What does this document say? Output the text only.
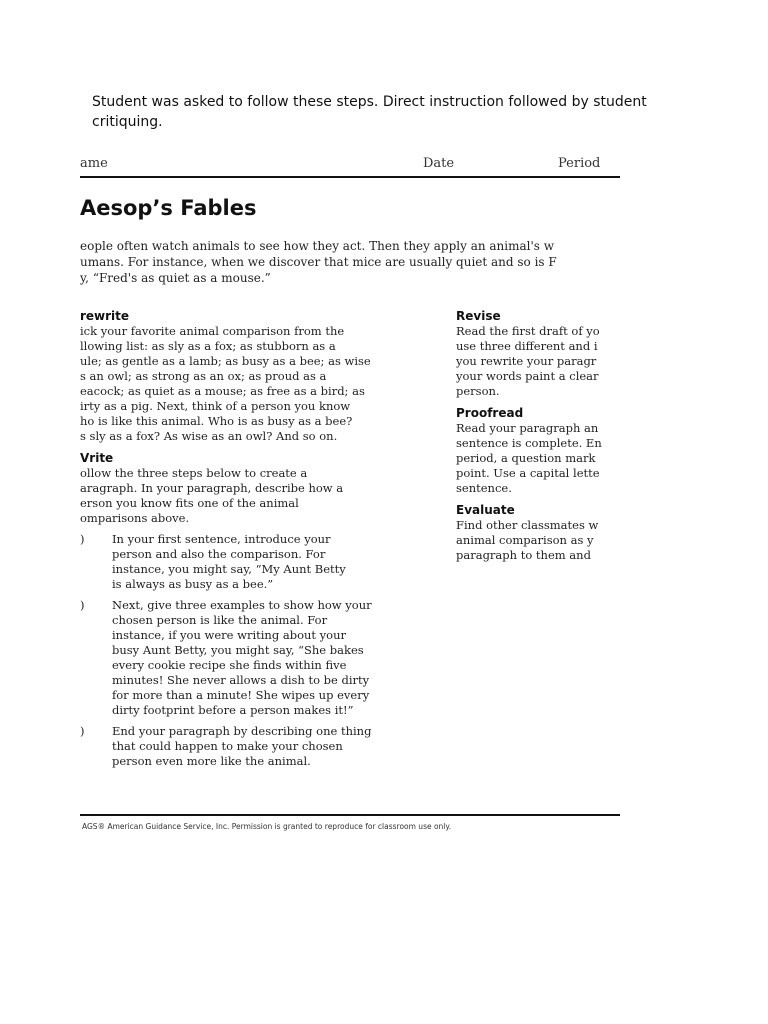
Student was asked to follow these steps. Direct instruction followed by student critiquing.
ame	Date	Period
Aesop’s Fables
eople often watch animals to see how they act. Then they apply an animal's w
umans. For instance, when we discover that mice are usually quiet and so is F
y, “Fred's as quiet as a mouse.”
rewrite
ick your favorite animal comparison from the
llowing list: as sly as a fox; as stubborn as a
ule; as gentle as a lamb; as busy as a bee; as wise
s an owl; as strong as an ox; as proud as a
eacock; as quiet as a mouse; as free as a bird; as
irty as a pig. Next, think of a person you know
ho is like this animal. Who is as busy as a bee?
s sly as a fox? As wise as an owl? And so on.
Vrite
ollow the three steps below to create a
aragraph. In your paragraph, describe how a
erson you know fits one of the animal
omparisons above.
)	In your first sentence, introduce your
person and also the comparison. For
instance, you might say, “My Aunt Betty
is always as busy as a bee.”
)	Next, give three examples to show how your
chosen person is like the animal. For
instance, if you were writing about your
busy Aunt Betty, you might say, “She bakes
every cookie recipe she finds within five
minutes! She never allows a dish to be dirty
for more than a minute! She wipes up every
dirty footprint before a person makes it!”
)	End your paragraph by describing one thing
that could happen to make your chosen
person even more like the animal.
Revise
Read the first draft of yo
use three different and i
you rewrite your paragr
your words paint a clear
person.
Proofread
Read your paragraph an
sentence is complete. En
period, a question mark
point. Use a capital lette
sentence.
Evaluate
Find other classmates w
animal comparison as y
paragraph to them and
AGS® American Guidance Service, Inc. Permission is granted to reproduce for classroom use only.
